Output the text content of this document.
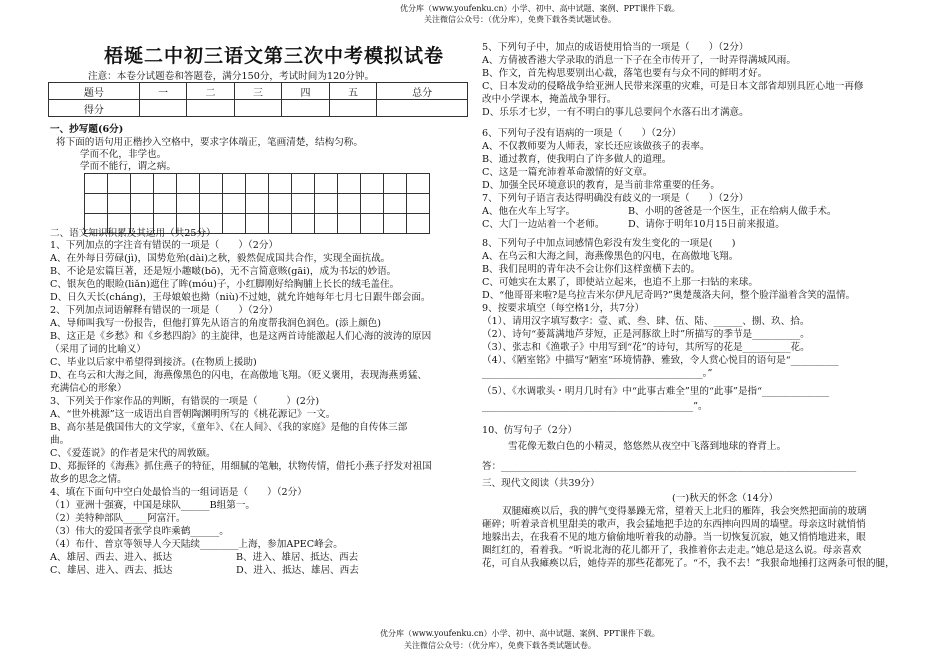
优分库（www.youfenku.cn）小学、初中、高中试题、案例、PPT课件下载。
关注微信公众号：（优分库），免费下载各类试题试卷。
梧埏二中初三语文第三次中考模拟试卷
注意：本卷分试题卷和答题卷，满分150分，考试时间为120分钟。
题号	一	二	三	四	五	总分
得分						
一、抄写题(6分)
将下面的语句用正楷抄入空格中，要求字体端正，笔画清楚，结构匀称。
学而不化，非学也。
学而不能行，谓之病。

二、语文知识积累及其运用（共25分）
1、下列加点的字注音有错误的一项是（　　）（2分）
A、在外每日劳碌(jì)，国势危殆(dài)之秋，毅然促成国共合作，实现全面抗战。
B、不论是宏篇巨著，还是短小趣啵(bō)，无不言简意赅(gāi)，成为书坛的妙语。
C、银灰色的眼睑(liǎn)遮住了眸(móu)子，小红脚刚好给胸脯上长长的绒毛盖住。
D、日久天长(cháng)，王母娘娘也拗（niù)不过她，就允许她每年七月七日跟牛郎会面。
2、下列加点词语解释有错误的一项是（　　）（2分）
A、导师叫我写一份报告，但他打算先从语言的角度帮我润色润色。(添上颜色)
B、这正是《乡愁》和《乡愁四韵》的主旋律，也是这两首诗能激起人们心海的波涛的原因
（采用了词的比喻义）
C、毕业以后家中希望得到接济。(在物质上援助)
D、在乌云和大海之间，海燕像黑色的闪电，在高傲地飞翔。（贬义褒用，表现海燕勇猛、
充满信心的形象）
3、下列关于作家作品的判断，有错误的一项是（　　　）(2分)
A、“世外桃源”这一成语出自晋朝陶渊明所写的《桃花源记》一文。
B、高尔基是俄国伟大的文学家，《童年》、《在人间》、《我的家庭》是他的自传体三部
曲。
C、《爱莲说》的作者是宋代的周敦颐。
D、郑振铎的《海燕》抓住燕子的特征，用细腻的笔触，状物传情，借托小燕子抒发对祖国
故乡的思念之情。
4、填在下面句中空白处最恰当的一组词语是（　　）（2分）
（1）亚洲十强赛，中国是球队______B组第一。
（2）美特种部队_____阿富汗。
（3）伟大的爱国者张学良昨乘鹤______。
（4）布什、普京等领导人今天陆续________上海，参加APEC峰会。
A、雄居、西去、进入、抵达	B、进入、雄居、抵达、西去
C、雄居、进入、西去、抵达	D、进入、抵达、雄居、西去
5、下列句子中，加点的成语使用恰当的一项是（　　）（2分）
A、方倩被香港大学录取的消息一下子在全市传开了，一时弄得满城风雨。
B、作文，首先构思要别出心裁，落笔也要有与众不同的鲜明才好。
C、日本发动的侵略战争给亚洲人民带来深重的灾难，可是日本文部省却别具匠心地一再修
改中小学课本，掩盖战争罪行。
D、乐乐才七岁，一有不明白的事儿总要问个水落石出才满意。
6、下列句子没有语病的一项是（　　）（2分）
A、不仅教师要为人师表，家长还应该做孩子的表率。
B、通过教育，使我明白了许多做人的道理。
C、这是一篇充沛着革命激情的好文章。
D、加强全民环境意识的教育，是当前非常重要的任务。
7、下列句子语言表达得明确没有歧义的一项是（　　）（2分）
A、他在火车上写字。	B、小明的爸爸是一个医生，正在给病人做手术。
C、大门一边站着一个老师。 D、请你于明年10月15日前来报道。
8、下列句子中加点词感情色彩没有发生变化的一项是(　　)
A、在乌云和大海之间，海燕像黑色的闪电，在高傲地飞翔。
B、我们昆明的青年决不会让你们这样蛮横下去的。
C、可她实在太累了，即使站立起来，也追不上那一扫钻的来球。
D、“他哥哥来啦?是乌拉吉米尔伊凡尼奇吗?”奥楚蔑洛夫问，整个脸洋溢着含笑的温情。
9、按要求填空（每空格1分，共7分）
（1）、请用汉字填写数字：壹、贰、叁、肆、伍、陆、______、捌、玖、拾。
（2）、诗句“蒌蒿满地芦芽短，正是河豚欲上时”所描写的季节是__________。
（3）、张志和《渔歌子》中用写到“花”的诗句，其所写的花是__________花。
（4）、《陋室铭》中描写“陋室”环境情静、雅致，令人赏心悦目的语句是“__________
______________________________________________。”
（5）、《水调歌头・明月几时有》中“此事古难全”里的“此事”是指“______________
____________________________________________”。
10、仿写句子（2分）
雪花像无数白色的小精灵，悠悠然从夜空中飞落到地球的脊背上。
答：__________________________________________________________________________
三、现代文阅读（共39分）
(一)秋天的怀念（14分）
双腿瘫痪以后，我的脾气变得暴躁无常，望着天上北归的雁阵，我会突然把面前的玻璃
砸碎；听着录音机里甜美的歌声，我会猛地把手边的东西摔向四周的墙壁。母亲这时就悄悄
地躲出去，在我看不见的地方偷偷地听着我的动静。当一切恢复沉寂，她又悄悄地进来，眼
圈红红的，看着我。“听说北海的花儿都开了，我推着你去走走。”她总是这么说。母亲喜欢
花，可自从我瘫痪以后，她侍弄的那些花都死了。“不，我不去！”我狠命地捶打这两条可恨的腿，
优分库（www.youfenku.cn）小学、初中、高中试题、案例、PPT课件下载。
关注微信公众号：（优分库），免费下载各类试题试卷。
